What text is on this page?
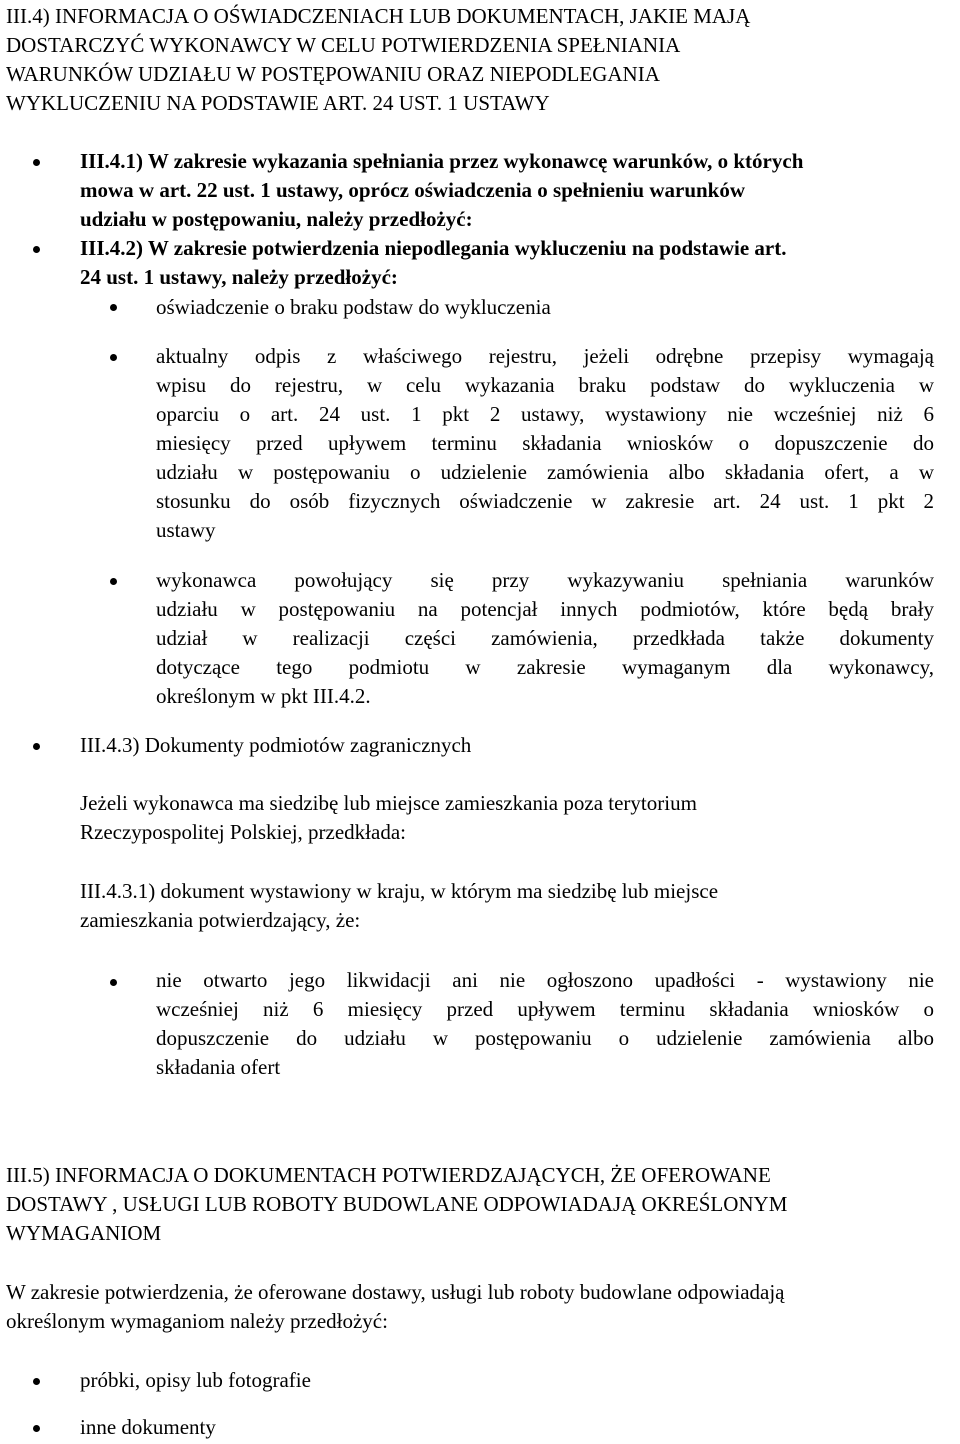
III.4) INFORMACJA O OŚWIADCZENIACH LUB DOKUMENTACH, JAKIE MAJĄ
DOSTARCZYĆ WYKONAWCY W CELU POTWIERDZENIA SPEŁNIANIA
WARUNKÓW UDZIAŁU W POSTĘPOWANIU ORAZ NIEPODLEGANIA
WYKLUCZENIU NA PODSTAWIE ART. 24 UST. 1 USTAWY
III.4.1) W zakresie wykazania spełniania przez wykonawcę warunków, o których
mowa w art. 22 ust. 1 ustawy, oprócz oświadczenia o spełnieniu warunków
udziału w postępowaniu, należy przedłożyć:
III.4.2) W zakresie potwierdzenia niepodlegania wykluczeniu na podstawie art.
24 ust. 1 ustawy, należy przedłożyć:
oświadczenie o braku podstaw do wykluczenia
aktualny odpis z właściwego rejestru, jeżeli odrębne przepisy wymagają
wpisu do rejestru, w celu wykazania braku podstaw do wykluczenia w
oparciu o art. 24 ust. 1 pkt 2 ustawy, wystawiony nie wcześniej niż 6
miesięcy przed upływem terminu składania wniosków o dopuszczenie do
udziału w postępowaniu o udzielenie zamówienia albo składania ofert, a w
stosunku do osób fizycznych oświadczenie w zakresie art. 24 ust. 1 pkt 2
ustawy
wykonawca powołujący się przy wykazywaniu spełniania warunków
udziału w postępowaniu na potencjał innych podmiotów, które będą brały
udział w realizacji części zamówienia, przedkłada także dokumenty
dotyczące tego podmiotu w zakresie wymaganym dla wykonawcy,
określonym w pkt III.4.2.
III.4.3) Dokumenty podmiotów zagranicznych
Jeżeli wykonawca ma siedzibę lub miejsce zamieszkania poza terytorium
Rzeczypospolitej Polskiej, przedkłada:
III.4.3.1) dokument wystawiony w kraju, w którym ma siedzibę lub miejsce
zamieszkania potwierdzający, że:
nie otwarto jego likwidacji ani nie ogłoszono upadłości - wystawiony nie
wcześniej niż 6 miesięcy przed upływem terminu składania wniosków o
dopuszczenie do udziału w postępowaniu o udzielenie zamówienia albo
składania ofert
III.5) INFORMACJA O DOKUMENTACH POTWIERDZAJĄCYCH, ŻE OFEROWANE
DOSTAWY , USŁUGI LUB ROBOTY BUDOWLANE ODPOWIADAJĄ OKREŚLONYM
WYMAGANIOM
W zakresie potwierdzenia, że oferowane dostawy, usługi lub roboty budowlane odpowiadają
określonym wymaganiom należy przedłożyć:
próbki, opisy lub fotografie
inne dokumenty
